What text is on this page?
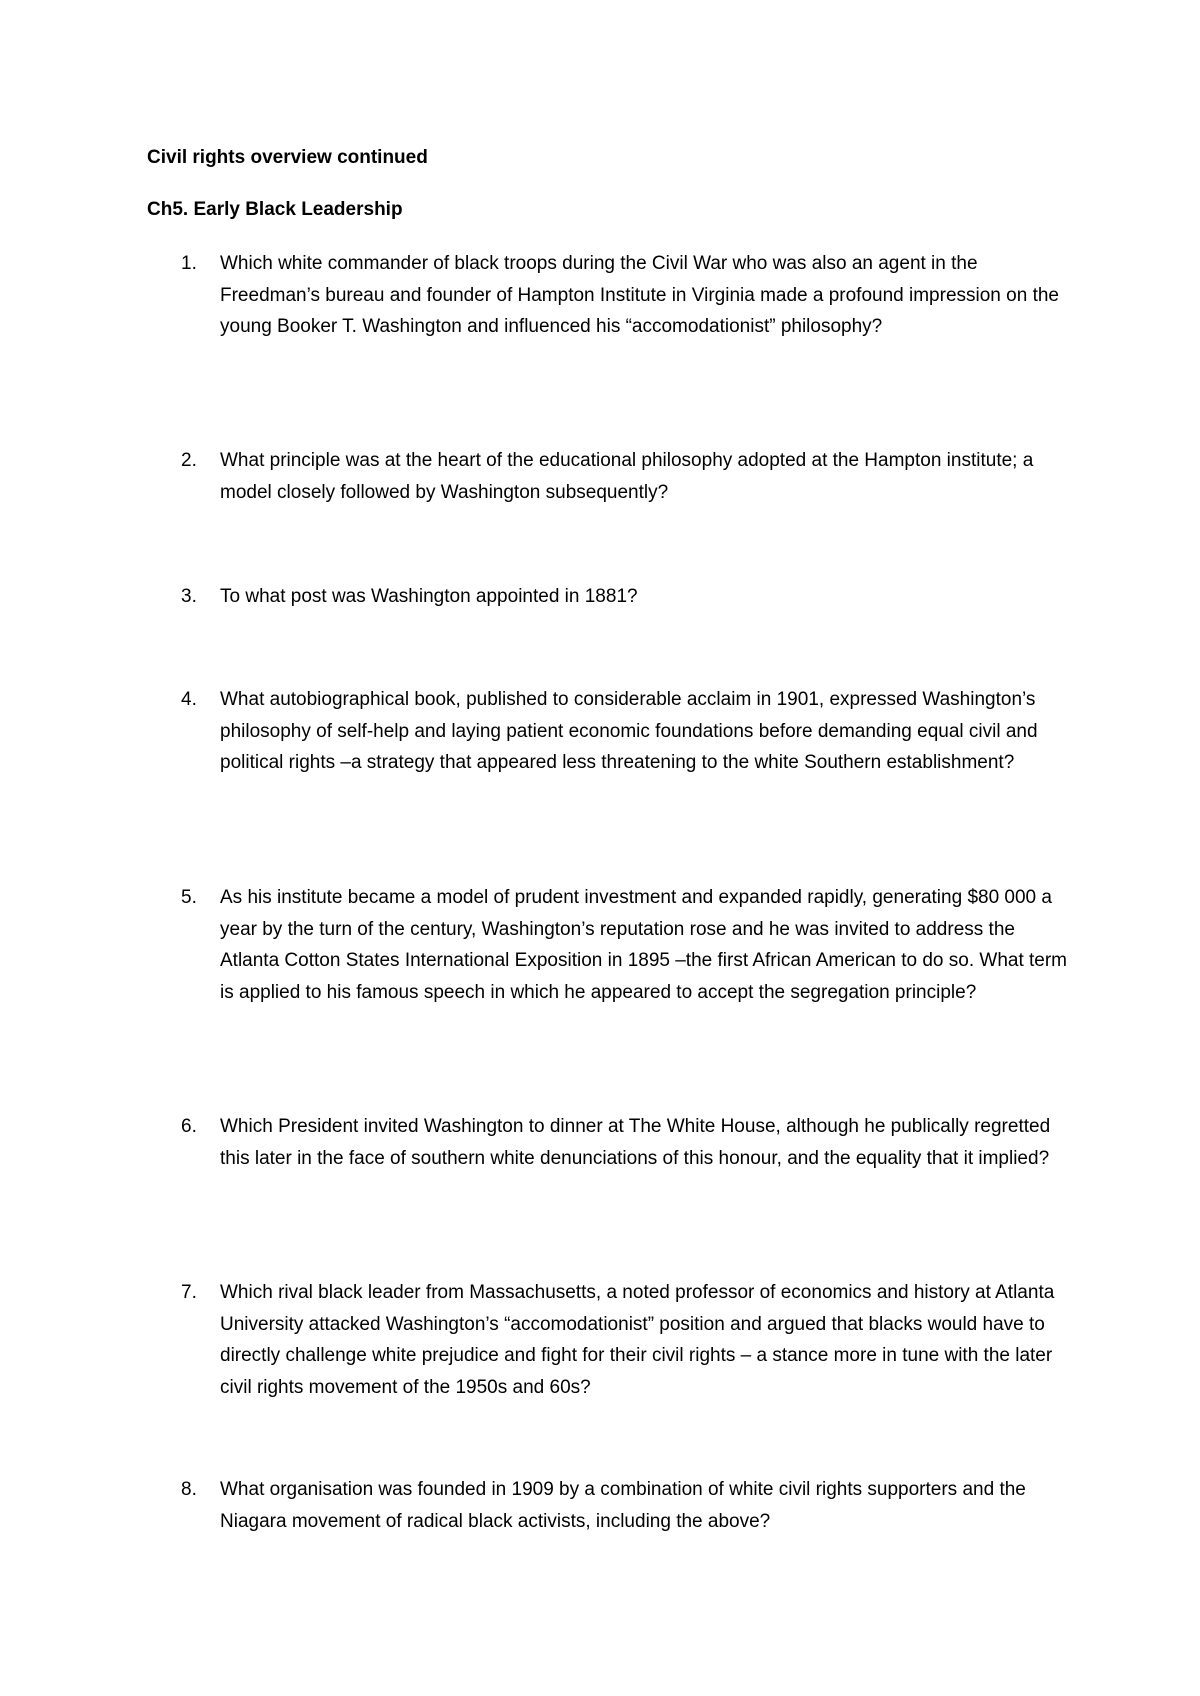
Civil rights overview continued
Ch5. Early Black Leadership
1.	Which white commander of black troops during the Civil War who was also an agent in the Freedman’s bureau and founder of Hampton Institute in Virginia made a profound impression on the young Booker T. Washington and influenced his “accomodationist” philosophy?
2.	What principle was at the heart of the educational philosophy adopted at the Hampton institute; a model closely followed by Washington subsequently?
3.	To what post was Washington appointed in 1881?
4.	What autobiographical book, published to considerable acclaim in 1901, expressed Washington’s philosophy of self-help and laying patient economic foundations before demanding equal civil and political rights –a strategy that appeared less threatening to the white Southern establishment?
5.	As his institute became a model of prudent investment and expanded rapidly, generating $80 000 a year by the turn of the century, Washington’s reputation rose and he was invited to address the Atlanta Cotton States International Exposition in 1895 –the first African American to do so. What term is applied to his famous speech in which he appeared to accept the segregation principle?
6.	Which President invited Washington to dinner at The White House, although he publically regretted this later in the face of southern white denunciations of this honour, and the equality that it implied?
7.	Which rival black leader from Massachusetts, a noted professor of economics and history at Atlanta University attacked Washington’s “accomodationist” position and argued that blacks would have to directly challenge white prejudice and fight for their civil rights – a stance more in tune with the later civil rights movement of the 1950s and 60s?
8.	What organisation was founded in 1909 by a combination of white civil rights supporters and the Niagara movement of radical black activists, including the above?
